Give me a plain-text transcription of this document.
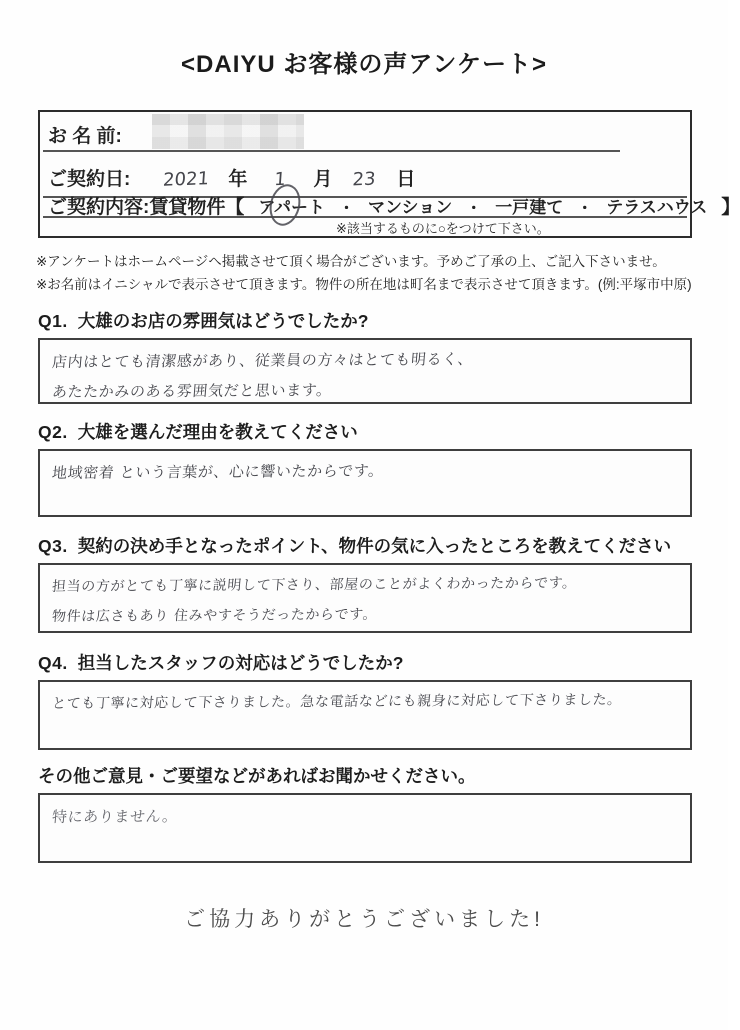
<DAIYU お客様の声アンケート>
お 名 前:
ご契約日:	2021 年	1	月	23	日
ご契約内容:賃貸物件【 アパート ・ マンション ・ 一戸建て ・ テラスハウス 】
※該当するものに○をつけて下さい。
※アンケートはホームページへ掲載させて頂く場合がございます。予めご了承の上、ご記入下さいませ。
※お名前はイニシャルで表示させて頂きます。物件の所在地は町名まで表示させて頂きます。(例:平塚市中原)
Q1. 大雄のお店の雰囲気はどうでしたか?
店内はとても清潔感があり、従業員の方々はとても明るく、
あたたかみのある雰囲気だと思います。
Q2. 大雄を選んだ理由を教えてください
地域密着 という言葉が、心に響いたからです。
Q3. 契約の決め手となったポイント、物件の気に入ったところを教えてください
担当の方がとても丁寧に説明して下さり、部屋のことがよくわかったからです。
物件は広さもあり 住みやすそうだったからです。
Q4. 担当したスタッフの対応はどうでしたか?
とても丁寧に対応して下さりました。急な電話などにも親身に対応して下さりました。
その他ご意見・ご要望などがあればお聞かせください。
特にありません。
ご協力ありがとうございました!
